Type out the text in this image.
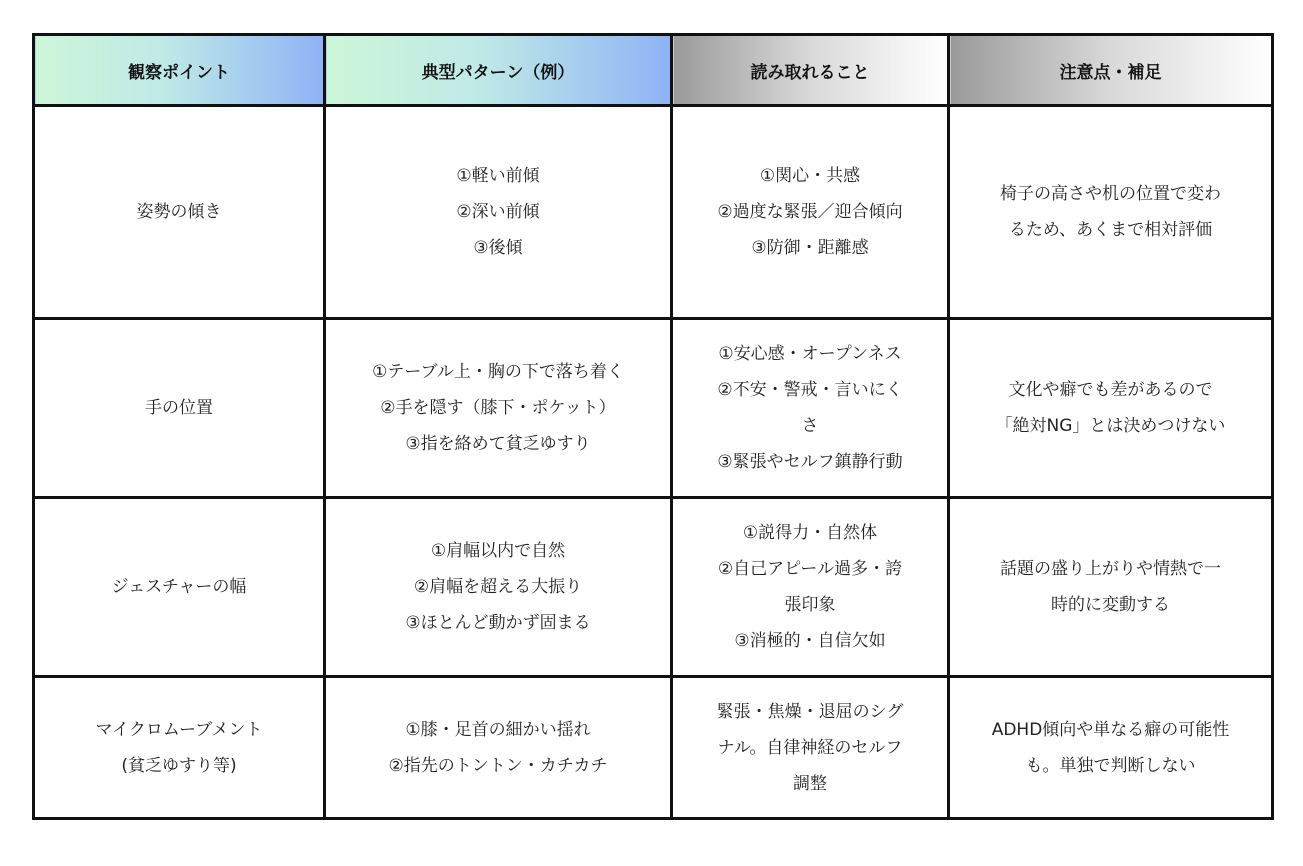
観察ポイント	典型パターン（例）	読み取れること	注意点・補足

姿勢の傾き	①軽い前傾
②深い前傾
③後傾	①関心・共感
②過度な緊張／迎合傾向
③防御・距離感	椅子の高さや机の位置で変わ
るため、あくまで相対評価

手の位置	①テーブル上・胸の下で落ち着く
②手を隠す（膝下・ポケット）
③指を絡めて貧乏ゆすり	①安心感・オープンネス
②不安・警戒・言いにく
さ
③緊張やセルフ鎮静行動	文化や癖でも差があるので
「絶対NG」とは決めつけない

ジェスチャーの幅	①肩幅以内で自然
②肩幅を超える大振り
③ほとんど動かず固まる	①説得力・自然体
②自己アピール過多・誇
張印象
③消極的・自信欠如	話題の盛り上がりや情熱で一
時的に変動する

マイクロムーブメント
(貧乏ゆすり等)	①膝・足首の細かい揺れ
②指先のトントン・カチカチ	緊張・焦燥・退屈のシグ
ナル。自律神経のセルフ
調整	ADHD傾向や単なる癖の可能性
も。単独で判断しない
